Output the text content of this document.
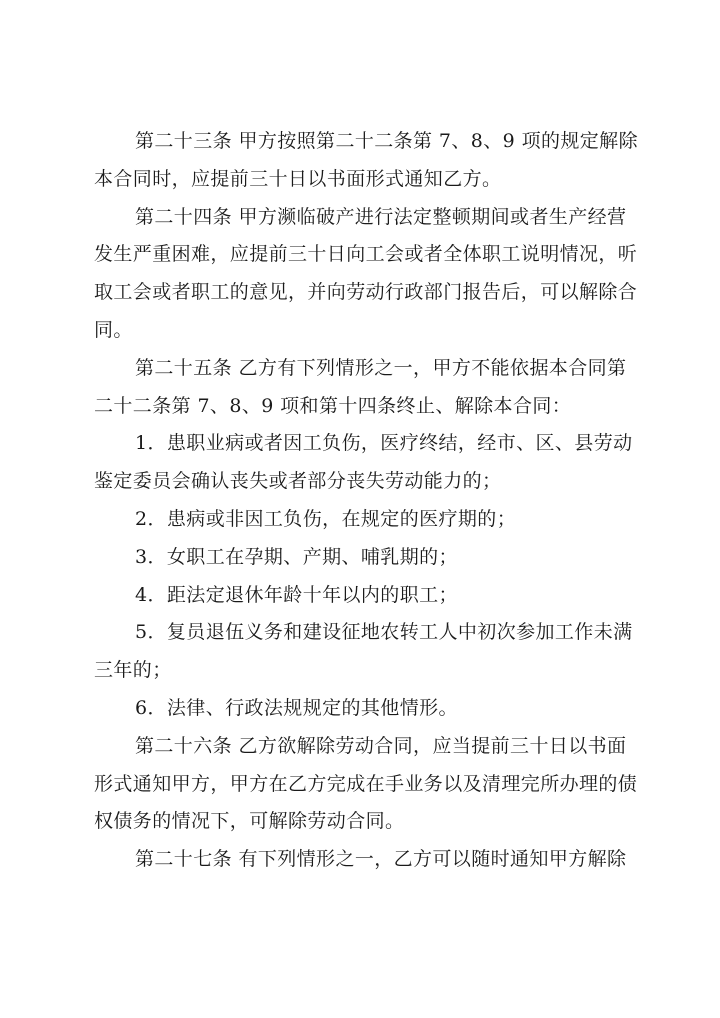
第二十三条 甲方按照第二十二条第 7、8、9 项的规定解除
本合同时，应提前三十日以书面形式通知乙方。
第二十四条 甲方濒临破产进行法定整顿期间或者生产经营
发生严重困难，应提前三十日向工会或者全体职工说明情况，听
取工会或者职工的意见，并向劳动行政部门报告后，可以解除合
同。
第二十五条 乙方有下列情形之一，甲方不能依据本合同第
二十二条第 7、8、9 项和第十四条终止、解除本合同：
1．患职业病或者因工负伤，医疗终结，经市、区、县劳动
鉴定委员会确认丧失或者部分丧失劳动能力的；
2．患病或非因工负伤，在规定的医疗期的；
3．女职工在孕期、产期、哺乳期的；
4．距法定退休年龄十年以内的职工；
5．复员退伍义务和建设征地农转工人中初次参加工作未满
三年的；
6．法律、行政法规规定的其他情形。
第二十六条 乙方欲解除劳动合同，应当提前三十日以书面
形式通知甲方，甲方在乙方完成在手业务以及清理完所办理的债
权债务的情况下，可解除劳动合同。
第二十七条 有下列情形之一，乙方可以随时通知甲方解除
